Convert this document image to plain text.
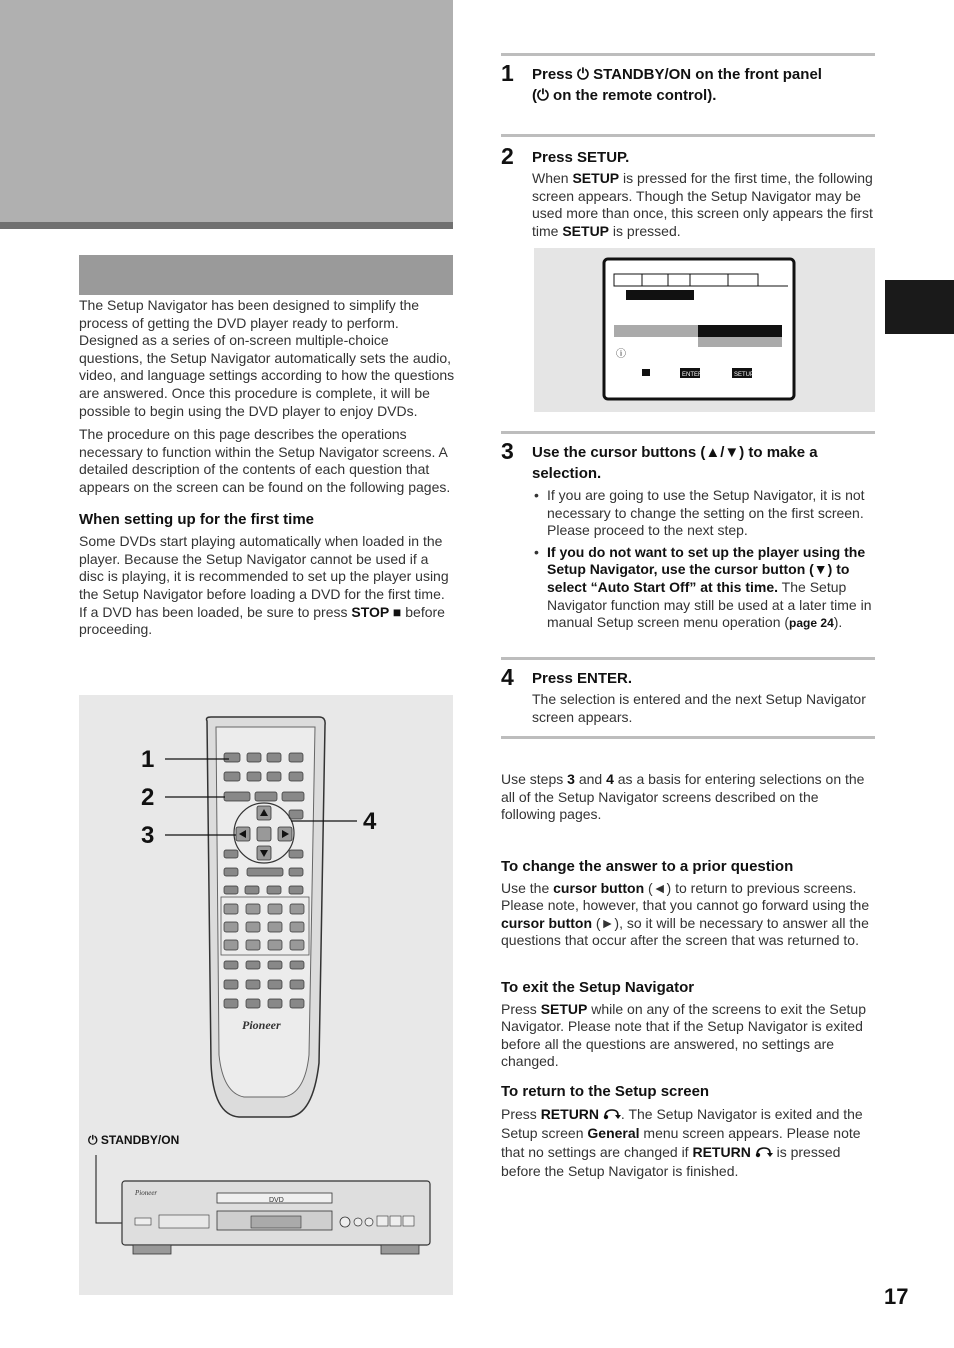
The Setup Navigator has been designed to simplify the process of getting the DVD player ready to perform. Designed as a series of on-screen multiple-choice questions, the Setup Navigator automatically sets the audio, video, and language settings according to how the questions are answered. Once this procedure is complete, it will be possible to begin using the DVD player to enjoy DVDs.

The procedure on this page describes the operations necessary to function within the Setup Navigator screens. A detailed description of the contents of each question that appears on the screen can be found on the following pages.

When setting up for the first time

Some DVDs start playing automatically when loaded in the player. Because the Setup Navigator cannot be used if a disc is playing, it is recommended to set up the player using the Setup Navigator before loading a DVD for the first time. If a DVD has been loaded, be sure to press STOP ■ before proceeding.

Pioneer
1
2
3
4
⏻ STANDBY/ON
DVD
Pioneer
1 Press ⏻ STANDBY/ON on the front panel
(⏻ on the remote control).
2 Press SETUP.
When SETUP is pressed for the first time, the following screen appears. Though the Setup Navigator may be used more than once, this screen only appears the first time SETUP is pressed.
ⓘ
ENTER	SETUP
3 Use the cursor buttons (▲/▼) to make a selection.
• If you are going to use the Setup Navigator, it is not necessary to change the setting on the first screen. Please proceed to the next step.
• If you do not want to set up the player using the Setup Navigator, use the cursor button (▼) to select “Auto Start Off” at this time. The Setup Navigator function may still be used at a later time in manual Setup screen menu operation (page 24).
4 Press ENTER.
The selection is entered and the next Setup Navigator screen appears.
Use steps 3 and 4 as a basis for entering selections on the all of the Setup Navigator screens described on the following pages.
To change the answer to a prior question
Use the cursor button (◄) to return to previous screens. Please note, however, that you cannot go forward using the cursor button (►), so it will be necessary to answer all the questions that occur after the screen that was returned to.
To exit the Setup Navigator
Press SETUP while on any of the screens to exit the Setup Navigator. Please note that if the Setup Navigator is exited before all the questions are answered, no settings are changed.
To return to the Setup screen
Press RETURN . The Setup Navigator is exited and the Setup screen General menu screen appears. Please note that no settings are changed if RETURN  is pressed before the Setup Navigator is finished.
17
